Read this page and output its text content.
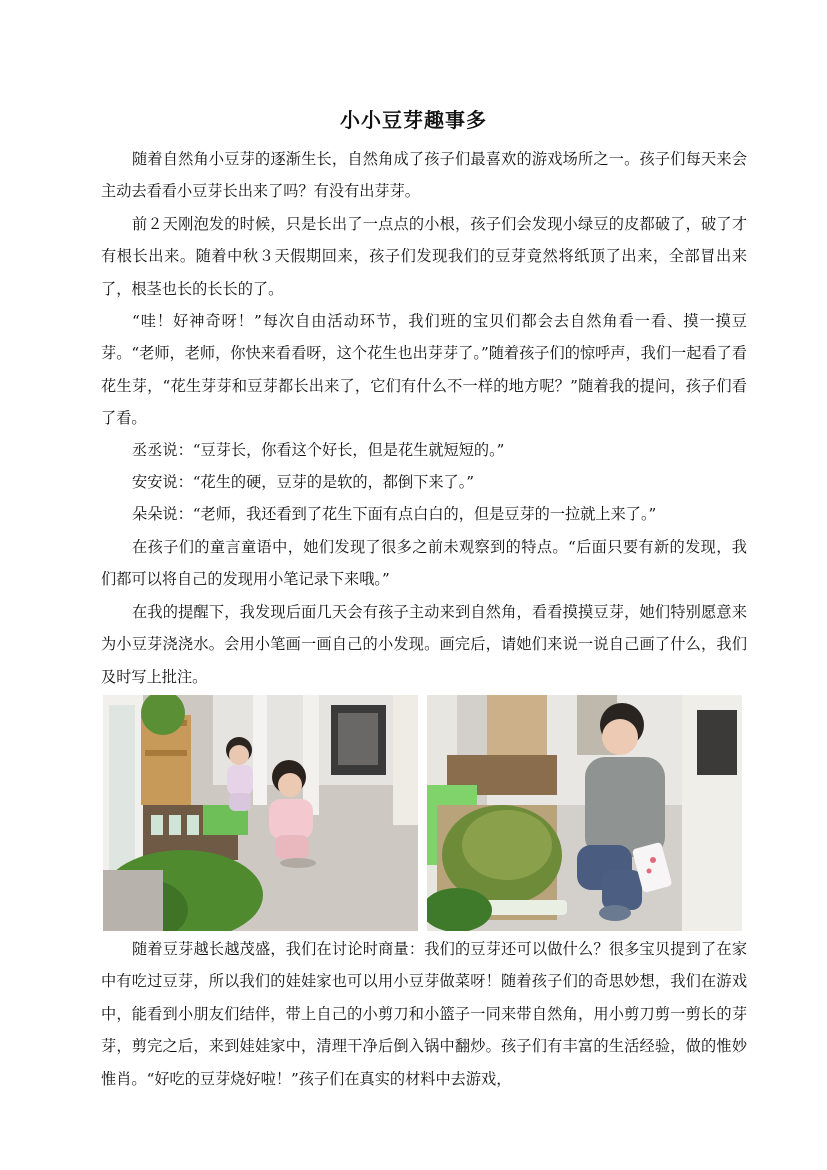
小小豆芽趣事多
随着自然角小豆芽的逐渐生长，自然角成了孩子们最喜欢的游戏场所之一。孩子们每天来会主动去看看小豆芽长出来了吗？有没有出芽芽。
前２天刚泡发的时候，只是长出了一点点的小根，孩子们会发现小绿豆的皮都破了，破了才有根长出来。随着中秋３天假期回来，孩子们发现我们的豆芽竟然将纸顶了出来，全部冒出来了，根茎也长的长长的了。
“哇！好神奇呀！”每次自由活动环节，我们班的宝贝们都会去自然角看一看、摸一摸豆芽。“老师，老师，你快来看看呀，这个花生也出芽芽了。”随着孩子们的惊呼声，我们一起看了看花生芽，“花生芽芽和豆芽都长出来了，它们有什么不一样的地方呢？”随着我的提问，孩子们看了看。
丞丞说：“豆芽长，你看这个好长，但是花生就短短的。”
安安说：“花生的硬，豆芽的是软的，都倒下来了。”
朵朵说：“老师，我还看到了花生下面有点白白的，但是豆芽的一拉就上来了。”
在孩子们的童言童语中，她们发现了很多之前未观察到的特点。“后面只要有新的发现，我们都可以将自己的发现用小笔记录下来哦。”
在我的提醒下，我发现后面几天会有孩子主动来到自然角，看看摸摸豆芽，她们特别愿意来为小豆芽浇浇水。会用小笔画一画自己的小发现。画完后，请她们来说一说自己画了什么，我们及时写上批注。
随着豆芽越长越茂盛，我们在讨论时商量：我们的豆芽还可以做什么？很多宝贝提到了在家中有吃过豆芽，所以我们的娃娃家也可以用小豆芽做菜呀！随着孩子们的奇思妙想，我们在游戏中，能看到小朋友们结伴，带上自己的小剪刀和小篮子一同来带自然角，用小剪刀剪一剪长的芽芽，剪完之后，来到娃娃家中，清理干净后倒入锅中翻炒。孩子们有丰富的生活经验，做的惟妙惟肖。“好吃的豆芽烧好啦！”孩子们在真实的材料中去游戏，
